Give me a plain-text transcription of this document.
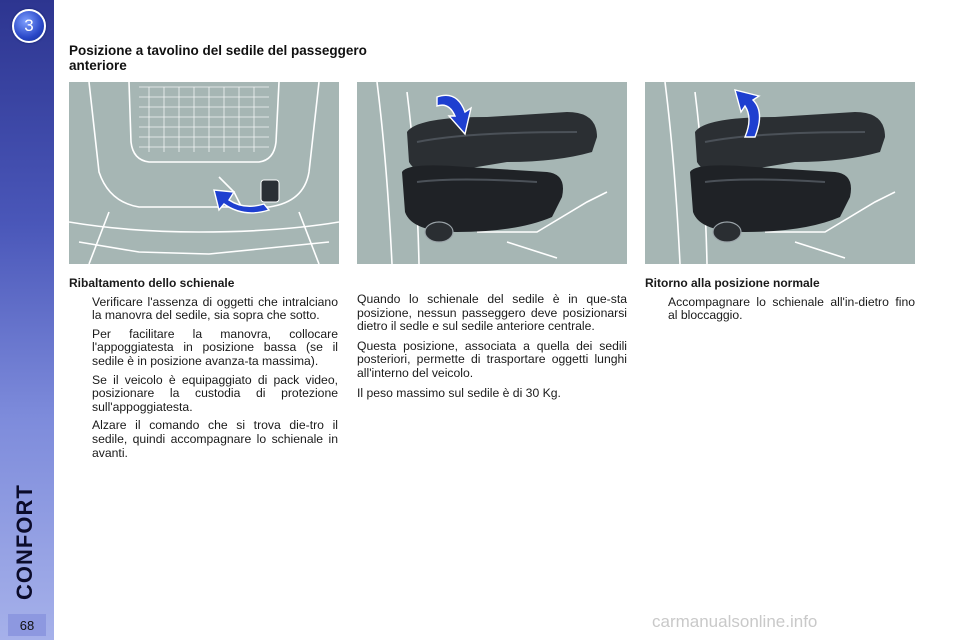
3
CONFORT
68
Posizione a tavolino del sedile del passeggero anteriore
Ribaltamento dello schienale
Verificare l'assenza di oggetti che intralciano la manovra del sedile, sia sopra che sotto.
Per facilitare la manovra, collocare l'appoggiatesta in posizione bassa (se il sedile è in posizione avanza-ta massima).
Se il veicolo è equipaggiato di pack video, posizionare la custodia di protezione sull'appoggiatesta.
Alzare il comando che si trova die-tro il sedile, quindi accompagnare lo schienale in avanti.

Quando lo schienale del sedile è in que-sta posizione, nessun passeggero deve posizionarsi dietro il sedle e sul sedile anteriore centrale.

Questa posizione, associata a quella dei sedili posteriori, permette di trasportare oggetti lunghi all'interno del veicolo.

Il peso massimo sul sedile è di 30 Kg.

Ritorno alla posizione normale
Accompagnare lo schienale all'in-dietro fino al bloccaggio.
carmanualsonline.info
